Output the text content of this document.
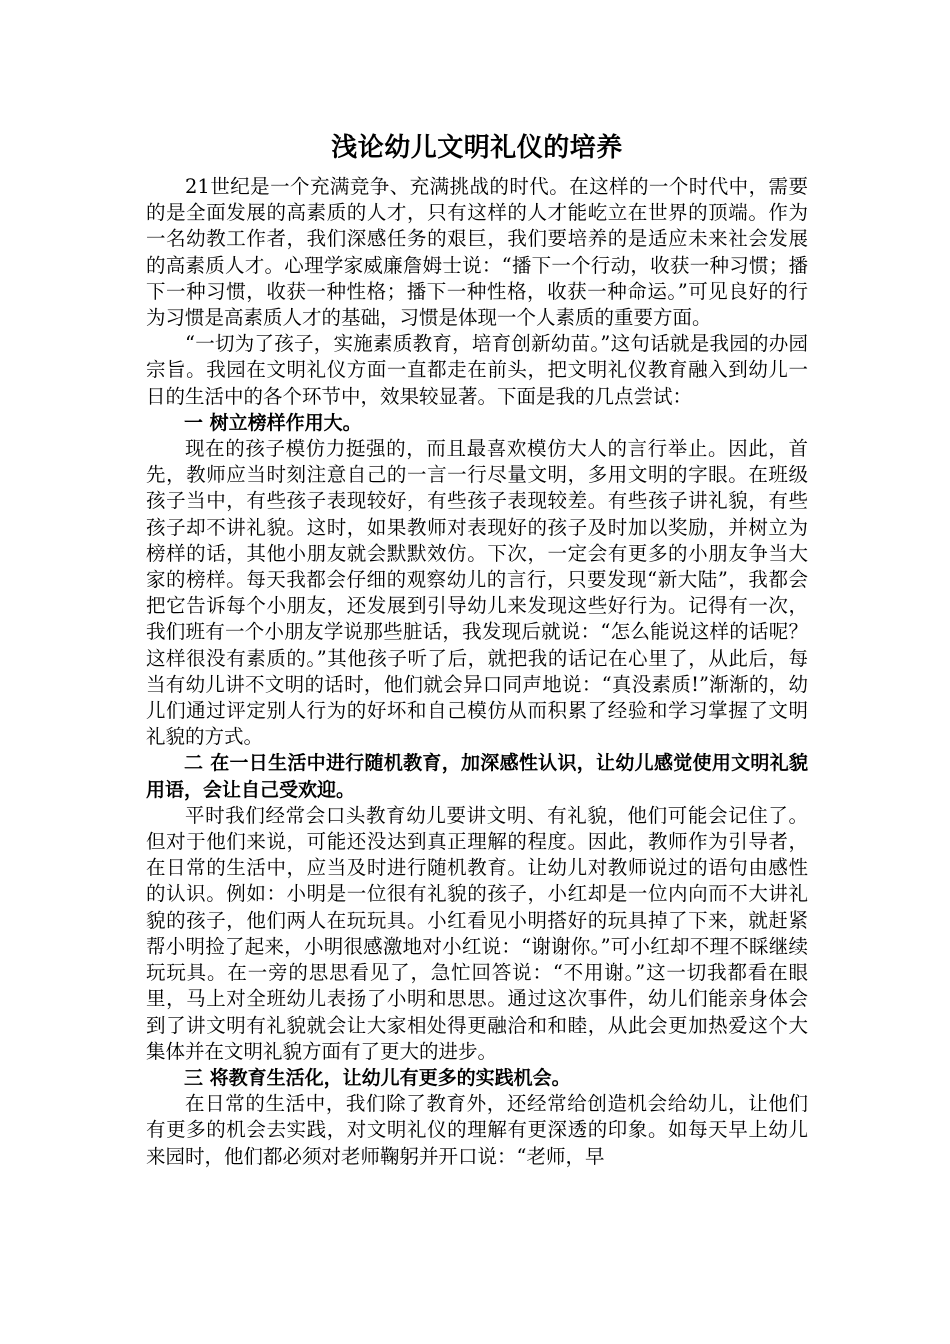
浅论幼儿文明礼仪的培养

21世纪是一个充满竞争、充满挑战的时代。在这样的一个时代中，需要的是全面发展的高素质的人才，只有这样的人才能屹立在世界的顶端。作为一名幼教工作者，我们深感任务的艰巨，我们要培养的是适应未来社会发展的高素质人才。心理学家威廉詹姆士说：“播下一个行动，收获一种习惯；播下一种习惯，收获一种性格；播下一种性格，收获一种命运。”可见良好的行为习惯是高素质人才的基础，习惯是体现一个人素质的重要方面。

“一切为了孩子，实施素质教育，培育创新幼苗。”这句话就是我园的办园宗旨。我园在文明礼仪方面一直都走在前头，把文明礼仪教育融入到幼儿一日的生活中的各个环节中，效果较显著。下面是我的几点尝试：

一 树立榜样作用大。

现在的孩子模仿力挺强的，而且最喜欢模仿大人的言行举止。因此，首先，教师应当时刻注意自己的一言一行尽量文明，多用文明的字眼。在班级孩子当中，有些孩子表现较好，有些孩子表现较差。有些孩子讲礼貌，有些孩子却不讲礼貌。这时，如果教师对表现好的孩子及时加以奖励，并树立为榜样的话，其他小朋友就会默默效仿。下次，一定会有更多的小朋友争当大家的榜样。每天我都会仔细的观察幼儿的言行，只要发现“新大陆”，我都会把它告诉每个小朋友，还发展到引导幼儿来发现这些好行为。记得有一次，我们班有一个小朋友学说那些脏话，我发现后就说：“怎么能说这样的话呢？这样很没有素质的。”其他孩子听了后，就把我的话记在心里了，从此后，每当有幼儿讲不文明的话时，他们就会异口同声地说：“真没素质!”渐渐的，幼儿们通过评定别人行为的好坏和自己模仿从而积累了经验和学习掌握了文明礼貌的方式。

二 在一日生活中进行随机教育，加深感性认识，让幼儿感觉使用文明礼貌用语，会让自己受欢迎。

平时我们经常会口头教育幼儿要讲文明、有礼貌，他们可能会记住了。但对于他们来说，可能还没达到真正理解的程度。因此，教师作为引导者，在日常的生活中，应当及时进行随机教育。让幼儿对教师说过的语句由感性的认识。例如：小明是一位很有礼貌的孩子，小红却是一位内向而不大讲礼貌的孩子，他们两人在玩玩具。小红看见小明搭好的玩具掉了下来，就赶紧帮小明捡了起来，小明很感激地对小红说：“谢谢你。”可小红却不理不睬继续玩玩具。在一旁的思思看见了，急忙回答说：“不用谢。”这一切我都看在眼里，马上对全班幼儿表扬了小明和思思。通过这次事件，幼儿们能亲身体会到了讲文明有礼貌就会让大家相处得更融洽和和睦，从此会更加热爱这个大集体并在文明礼貌方面有了更大的进步。

三 将教育生活化，让幼儿有更多的实践机会。

在日常的生活中，我们除了教育外，还经常给创造机会给幼儿，让他们有更多的机会去实践，对文明礼仪的理解有更深透的印象。如每天早上幼儿来园时，他们都必须对老师鞠躬并开口说：“老师，早
